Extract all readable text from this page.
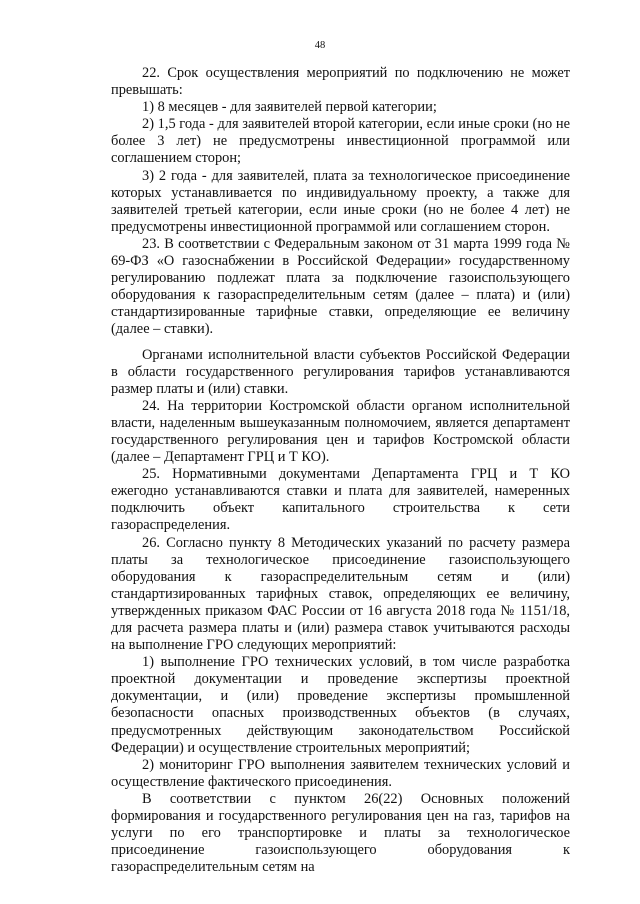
48

22. Срок осуществления мероприятий по подключению не может превышать:

1) 8 месяцев - для заявителей первой категории;

2) 1,5 года - для заявителей второй категории, если иные сроки (но не более 3 лет) не предусмотрены инвестиционной программой или соглашением сторон;

3) 2 года - для заявителей, плата за технологическое присоединение которых устанавливается по индивидуальному проекту, а также для заявителей третьей категории, если иные сроки (но не более 4 лет) не предусмотрены инвестиционной программой или соглашением сторон.

23. В соответствии с Федеральным законом от 31 марта 1999 года № 69-ФЗ «О газоснабжении в Российской Федерации» государственному регулированию подлежат плата за подключение газоиспользующего оборудования к газораспределительным сетям (далее – плата) и (или) стандартизированные тарифные ставки, определяющие ее величину (далее – ставки).

Органами исполнительной власти субъектов Российской Федерации в области государственного регулирования тарифов устанавливаются размер платы и (или) ставки.

24. На территории Костромской области органом исполнительной власти, наделенным вышеуказанным полномочием, является департамент государственного регулирования цен и тарифов Костромской области (далее – Департамент ГРЦ и Т КО).

25. Нормативными документами Департамента ГРЦ и Т КО ежегодно устанавливаются ставки и плата для заявителей, намеренных подключить объект капитального строительства к сети газораспределения.

26. Согласно пункту 8 Методических указаний по расчету размера платы за технологическое присоединение газоиспользующего оборудования к газораспределительным сетям и (или) стандартизированных тарифных ставок, определяющих ее величину, утвержденных приказом ФАС России от 16 августа 2018 года № 1151/18, для расчета размера платы и (или) размера ставок учитываются расходы на выполнение ГРО следующих мероприятий:

1) выполнение ГРО технических условий, в том числе разработка проектной документации и проведение экспертизы проектной документации, и (или) проведение экспертизы промышленной безопасности опасных производственных объектов (в случаях, предусмотренных действующим законодательством Российской Федерации) и осуществление строительных мероприятий;

2) мониторинг ГРО выполнения заявителем технических условий и осуществление фактического присоединения.

В соответствии с пунктом 26(22) Основных положений формирования и государственного регулирования цен на газ, тарифов на услуги по его транспортировке и платы за технологическое присоединение газоиспользующего оборудования к газораспределительным сетям на
